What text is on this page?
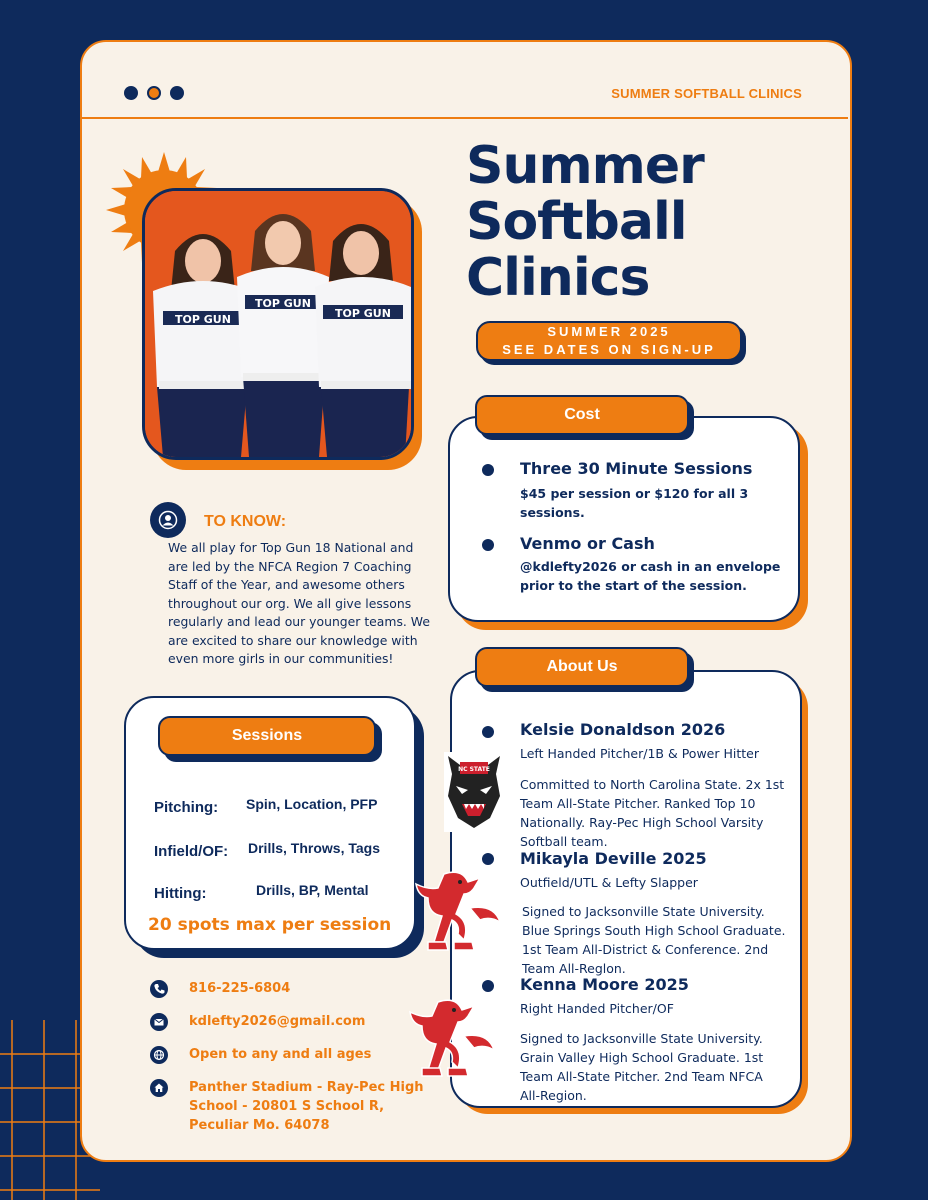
SUMMER SOFTBALL CLINICS
TOP GUN
TOP GUN
TOP GUN
Summer
Softball
Clinics
SUMMER 2025
SEE DATES ON SIGN-UP
Cost
Three 30 Minute Sessions
$45 per session or $120 for all 3 sessions.
Venmo or Cash
@kdlefty2026 or cash in an envelope prior to the start of the session.
TO KNOW:
We all play for Top Gun 18 National and are led by the NFCA Region 7 Coaching Staff of the Year, and awesome others throughout our org. We all give lessons regularly and lead our younger teams. We are excited to share our knowledge with even more girls in our communities!
Sessions
Pitching: Spin, Location, PFP
Infield/OF: Drills, Throws, Tags
Hitting:	Drills, BP, Mental
20 spots max per session
About Us
Kelsie Donaldson 2026
Left Handed Pitcher/1B & Power Hitter
Committed to North Carolina State. 2x 1st Team All-State Pitcher. Ranked Top 10 Nationally. Ray-Pec High School Varsity Softball team.
Mikayla Deville 2025
Outfield/UTL & Lefty Slapper
Signed to Jacksonville State University. Blue Springs South High School Graduate. 1st Team All-District & Conference. 2nd Team All-Reglon.
Kenna Moore 2025
Right Handed Pitcher/OF
Signed to Jacksonville State University. Grain Valley High School Graduate. 1st Team All-State Pitcher. 2nd Team NFCA All-Region.
NC STATE
816-225-6804
kdlefty2026@gmail.com
Open to any and all ages
Panther Stadium - Ray-Pec High School - 20801 S School R, Peculiar Mo. 64078
